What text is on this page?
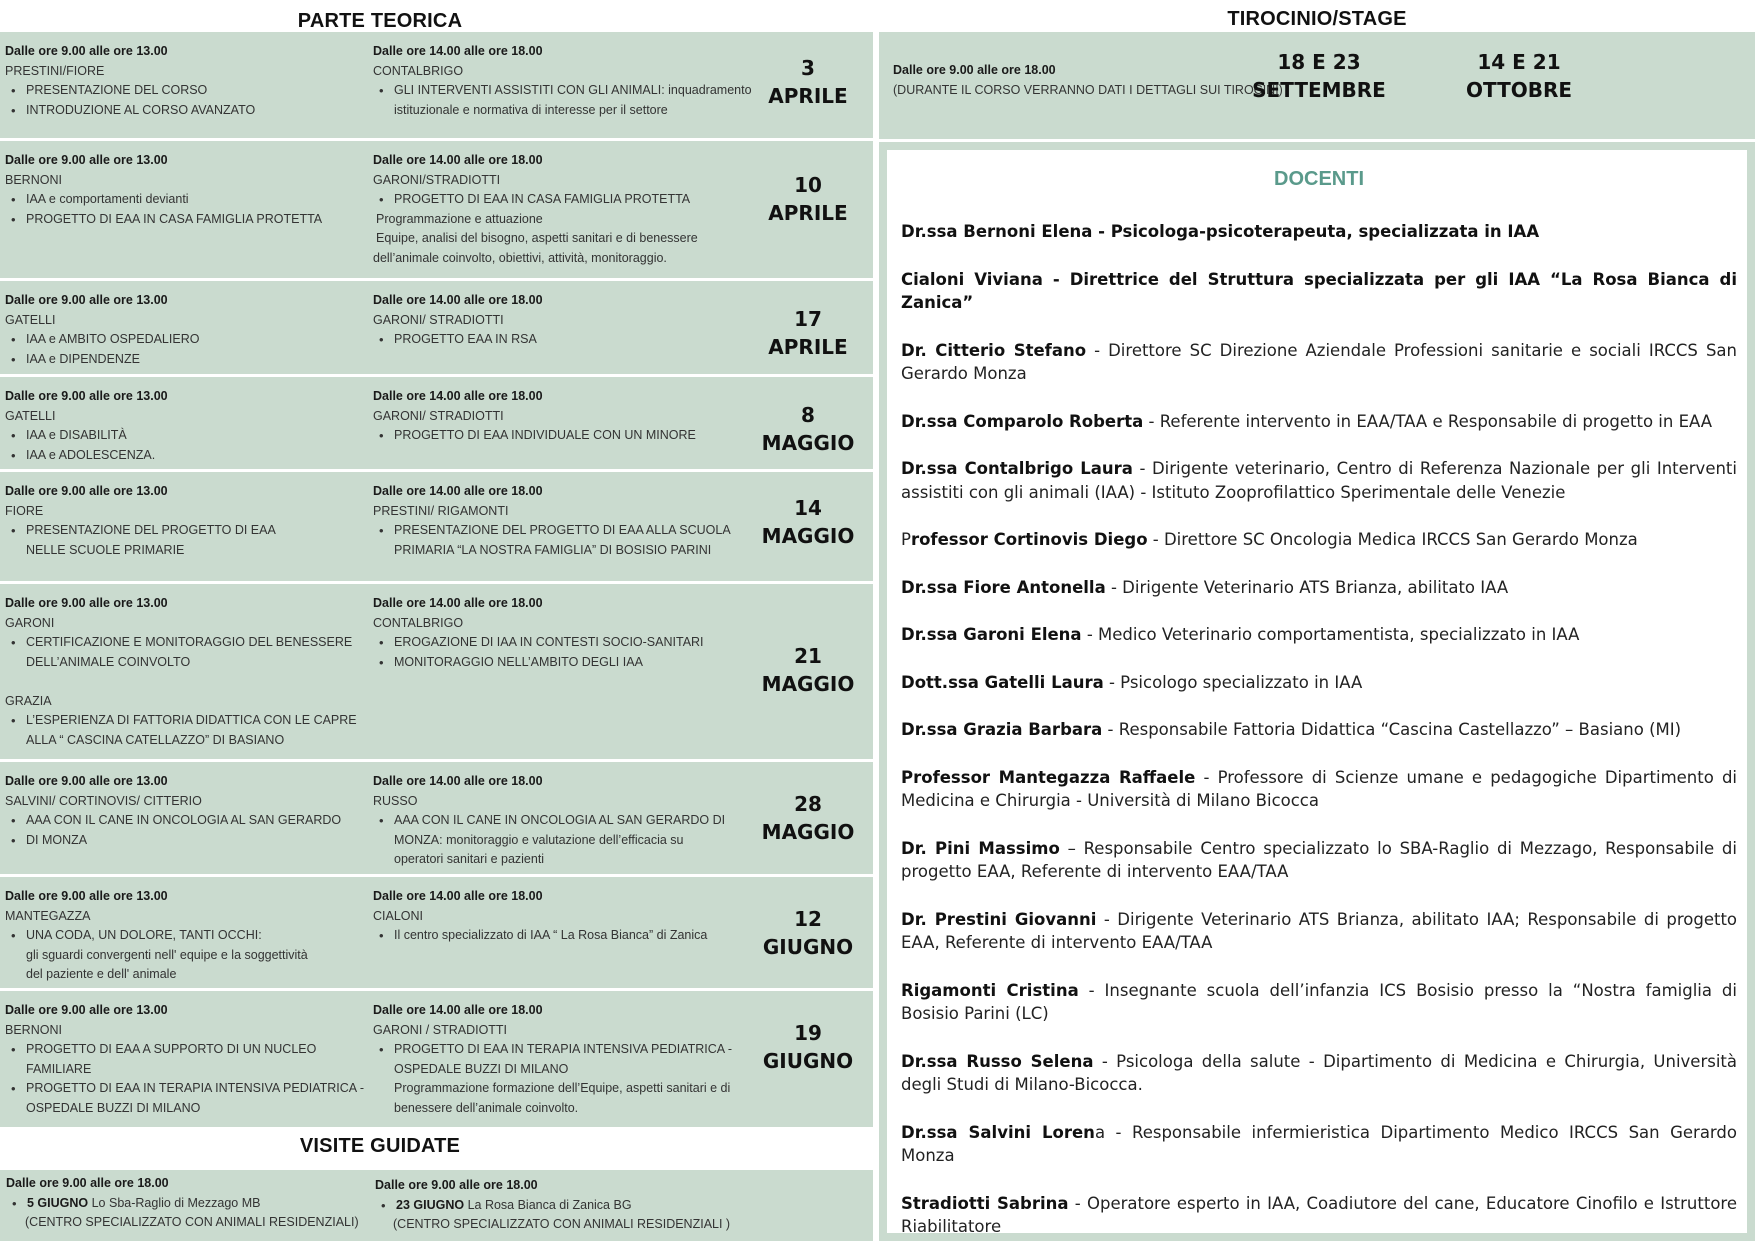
PARTE TEORICA
Dalle ore 9.00 alle ore 13.00
PRESTINI/FIORE
• PRESENTAZIONE DEL CORSO
• INTRODUZIONE AL CORSO AVANZATO
Dalle ore 14.00 alle ore 18.00
CONTALBRIGO
• GLI INTERVENTI ASSISTITI CON GLI ANIMALI: inquadramento
istituzionale e normativa di interesse per il settore
3
APRILE
Dalle ore 9.00 alle ore 13.00
BERNONI
• IAA e comportamenti devianti
• PROGETTO DI EAA IN CASA FAMIGLIA PROTETTA
Dalle ore 14.00 alle ore 18.00
GARONI/STRADIOTTI
• PROGETTO DI EAA IN CASA FAMIGLIA PROTETTA
Programmazione e attuazione
Equipe, analisi del bisogno, aspetti sanitari e di benessere
dell’animale coinvolto, obiettivi, attività, monitoraggio.
10
APRILE
Dalle ore 9.00 alle ore 13.00
GATELLI
• IAA e AMBITO OSPEDALIERO
• IAA e DIPENDENZE
Dalle ore 14.00 alle ore 18.00
GARONI/ STRADIOTTI
• PROGETTO EAA IN RSA
17
APRILE
Dalle ore 9.00 alle ore 13.00
GATELLI
• IAA e DISABILITÀ
• IAA e ADOLESCENZA.
Dalle ore 14.00 alle ore 18.00
GARONI/ STRADIOTTI
• PROGETTO DI EAA INDIVIDUALE CON UN MINORE
8
MAGGIO
Dalle ore 9.00 alle ore 13.00
FIORE
• PRESENTAZIONE DEL PROGETTO DI EAA
NELLE SCUOLE PRIMARIE
Dalle ore 14.00 alle ore 18.00
PRESTINI/ RIGAMONTI
• PRESENTAZIONE DEL PROGETTO DI EAA ALLA SCUOLA
PRIMARIA “LA NOSTRA FAMIGLIA” DI BOSISIO PARINI
14
MAGGIO
Dalle ore 9.00 alle ore 13.00
GARONI
• CERTIFICAZIONE E MONITORAGGIO DEL BENESSERE
DELL’ANIMALE COINVOLTO
GRAZIA
• L’ESPERIENZA DI FATTORIA DIDATTICA CON LE CAPRE
ALLA “ CASCINA CATELLAZZO” DI BASIANO
Dalle ore 14.00 alle ore 18.00
CONTALBRIGO
• EROGAZIONE DI IAA IN CONTESTI SOCIO-SANITARI
• MONITORAGGIO NELL’AMBITO DEGLI IAA	21
MAGGIO
Dalle ore 9.00 alle ore 13.00
SALVINI/ CORTINOVIS/ CITTERIO
• AAA CON IL CANE IN ONCOLOGIA AL SAN GERARDO
• DI MONZA
Dalle ore 14.00 alle ore 18.00
RUSSO
• AAA CON IL CANE IN ONCOLOGIA AL SAN GERARDO DI
MONZA: monitoraggio e valutazione dell’efficacia su
operatori sanitari e pazienti
28
MAGGIO
Dalle ore 9.00 alle ore 13.00
MANTEGAZZA
• UNA CODA, UN DOLORE, TANTI OCCHI:
gli sguardi convergenti nell' equipe e la soggettività
del paziente e dell' animale
Dalle ore 14.00 alle ore 18.00
CIALONI
• Il centro specializzato di IAA “ La Rosa Bianca” di Zanica
12
GIUGNO
Dalle ore 9.00 alle ore 13.00
BERNONI
• PROGETTO DI EAA A SUPPORTO DI UN NUCLEO
FAMILIARE
• PROGETTO DI EAA IN TERAPIA INTENSIVA PEDIATRICA -
OSPEDALE BUZZI DI MILANO
Dalle ore 14.00 alle ore 18.00
GARONI / STRADIOTTI
• PROGETTO DI EAA IN TERAPIA INTENSIVA PEDIATRICA -
OSPEDALE BUZZI DI MILANO
Programmazione formazione dell’Equipe, aspetti sanitari e di
benessere dell’animale coinvolto.
19
GIUGNO
VISITE GUIDATE
Dalle ore 9.00 alle ore 18.00
• 5 GIUGNO Lo Sba-Raglio di Mezzago MB
(CENTRO SPECIALIZZATO CON ANIMALI RESIDENZIALI)
Dalle ore 9.00 alle ore 18.00
• 23 GIUGNO La Rosa Bianca di Zanica BG
(CENTRO SPECIALIZZATO CON ANIMALI RESIDENZIALI )
TIROCINIO/STAGE
Dalle ore 9.00 alle ore 18.00
(DURANTE IL CORSO VERRANNO DATI I DETTAGLI SUI TIROCINI)
18 E 23
SETTEMBRE
14 E 21
OTTOBRE
DOCENTI
Dr.ssa Bernoni Elena - Psicologa-psicoterapeuta, specializzata in IAA
Cialoni Viviana - Direttrice del Struttura specializzata per gli IAA “La Rosa Bianca di Zanica”
Dr. Citterio Stefano - Direttore SC Direzione Aziendale Professioni sanitarie e sociali IRCCS San Gerardo Monza
Dr.ssa Comparolo Roberta - Referente intervento in EAA/TAA e Responsabile di progetto in EAA
Dr.ssa Contalbrigo Laura - Dirigente veterinario, Centro di Referenza Nazionale per gli Interventi assistiti con gli animali (IAA) - Istituto Zooprofilattico Sperimentale delle Venezie
Professor Cortinovis Diego - Direttore SC Oncologia Medica IRCCS San Gerardo Monza
Dr.ssa Fiore Antonella - Dirigente Veterinario ATS Brianza, abilitato IAA
Dr.ssa Garoni Elena - Medico Veterinario comportamentista, specializzato in IAA
Dott.ssa Gatelli Laura - Psicologo specializzato in IAA
Dr.ssa Grazia Barbara - Responsabile Fattoria Didattica “Cascina Castellazzo” – Basiano (MI)
Professor Mantegazza Raffaele - Professore di Scienze umane e pedagogiche Dipartimento di Medicina e Chirurgia - Università di Milano Bicocca
Dr. Pini Massimo – Responsabile Centro specializzato lo SBA-Raglio di Mezzago, Responsabile di progetto EAA, Referente di intervento EAA/TAA
Dr. Prestini Giovanni - Dirigente Veterinario ATS Brianza, abilitato IAA; Responsabile di progetto EAA, Referente di intervento EAA/TAA
Rigamonti Cristina - Insegnante scuola dell’infanzia ICS Bosisio presso la “Nostra famiglia di Bosisio Parini (LC)
Dr.ssa Russo Selena - Psicologa della salute - Dipartimento di Medicina e Chirurgia, Università degli Studi di Milano-Bicocca.
Dr.ssa Salvini Lorena - Responsabile infermieristica Dipartimento Medico IRCCS San Gerardo Monza
Stradiotti Sabrina - Operatore esperto in IAA, Coadiutore del cane, Educatore Cinofilo e Istruttore Riabilitatore
